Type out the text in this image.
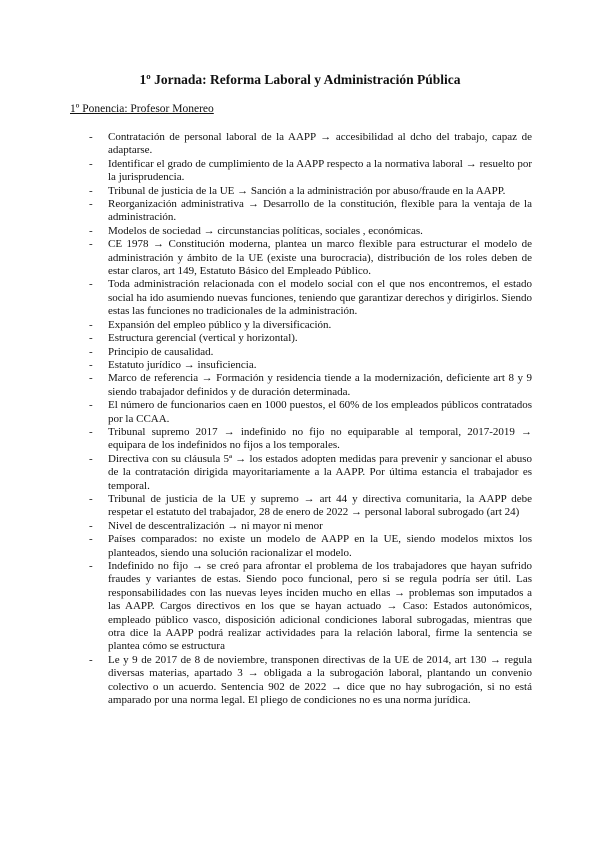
1º Jornada: Reforma Laboral y Administración Pública
1º Ponencia: Profesor Monereo
- Contratación de personal laboral de la AAPP → accesibilidad al dcho del trabajo, capaz de adaptarse.
- Identificar el grado de cumplimiento de la AAPP respecto a la normativa laboral → resuelto por la jurisprudencia.
- Tribunal de justicia de la UE → Sanción a la administración por abuso/fraude en la AAPP.
- Reorganización administrativa → Desarrollo de la constitución, flexible para la ventaja de la administración.
- Modelos de sociedad → circunstancias políticas, sociales , económicas.
- CE 1978 → Constitución moderna, plantea un marco flexible para estructurar el modelo de administración y ámbito de la UE (existe una burocracia), distribución de los roles deben de estar claros, art 149, Estatuto Básico del Empleado Público.
- Toda administración relacionada con el modelo social con el que nos encontremos, el estado social ha ido asumiendo nuevas funciones, teniendo que garantizar derechos y dirigirlos. Siendo estas las funciones no tradicionales de la administración.
- Expansión del empleo público y la diversificación.
- Estructura gerencial (vertical y horizontal).
- Principio de causalidad.
- Estatuto jurídico → insuficiencia.
- Marco de referencia → Formación y residencia tiende a la modernización, deficiente art 8 y 9 siendo trabajador definidos y de duración determinada.
- El número de funcionarios caen en 1000 puestos, el 60% de los empleados públicos contratados por la CCAA.
- Tribunal supremo 2017 → indefinido no fijo no equiparable al temporal, 2017-2019 → equipara de los indefinidos no fijos a los temporales.
- Directiva con su cláusula 5ª → los estados adopten medidas para prevenir y sancionar el abuso de la contratación dirigida mayoritariamente a la AAPP. Por última estancia el trabajador es temporal.
- Tribunal de justicia de la UE y supremo → art 44 y directiva comunitaria, la AAPP debe respetar el estatuto del trabajador, 28 de enero de 2022 → personal laboral subrogado (art 24)
- Nivel de descentralización → ni mayor ni menor
- Países comparados: no existe un modelo de AAPP en la UE, siendo modelos mixtos los planteados, siendo una solución racionalizar el modelo.
- Indefinido no fijo → se creó para afrontar el problema de los trabajadores que hayan sufrido fraudes y variantes de estas. Siendo poco funcional, pero si se regula podría ser útil. Las responsabilidades con las nuevas leyes inciden mucho en ellas → problemas son imputados a las AAPP. Cargos directivos en los que se hayan actuado → Caso: Estados autonómicos, empleado público vasco, disposición adicional condiciones laboral subrogadas, mientras que otra dice la AAPP podrá realizar actividades para la relación laboral, firme la sentencia se plantea cómo se estructura
- Le y 9 de 2017 de 8 de noviembre, transponen directivas de la UE de 2014, art 130 → regula diversas materias, apartado 3 → obligada a la subrogación laboral, plantando un convenio colectivo o un acuerdo. Sentencia 902 de 2022 → dice que no hay subrogación, si no está amparado por una norma legal. El pliego de condiciones no es una norma jurídica.
